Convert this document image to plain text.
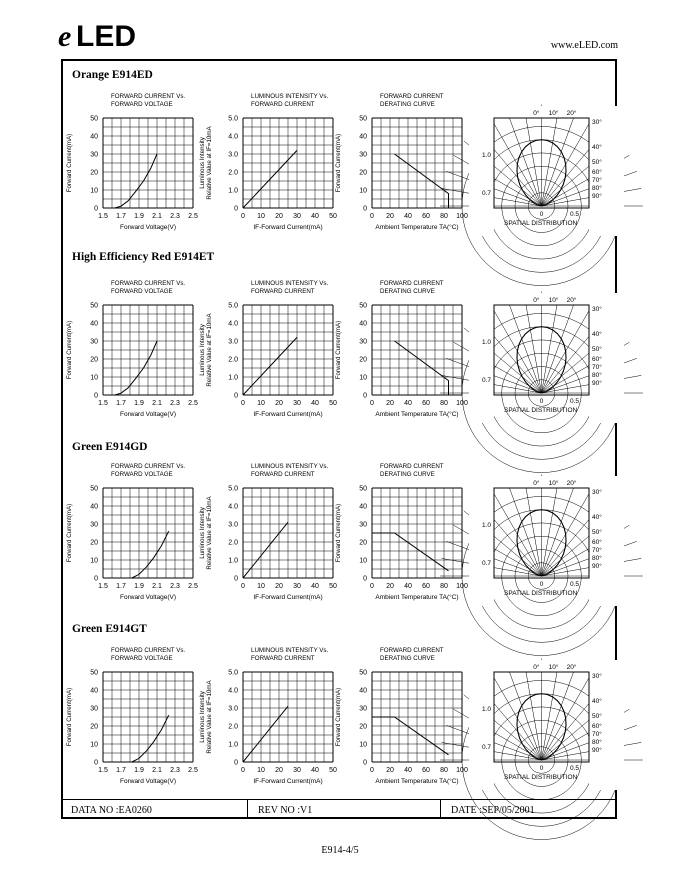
e LED	www.eLED.com
Orange E914ED
High Efficiency Red E914ET
Green E914GD
Green E914GT
FORWARD CURRENT Vs.
FORWARD VOLTAGE
1.5 1.7 1.9 2.1 2.3 2.5
0
10
20
30
40
50
Forward Voltage(V)
Forward Current(mA)
LUMINOUS INTENSITY Vs.
FORWARD CURRENT
0 10 20 30 40 50
0
1.0
2.0
3.0
4.0
5.0
IF-Forward Current(mA)
Luminous Intensity Relative Value at IF=10mA
FORWARD CURRENT
DERATING CURVE
0 20 40 60 80 100
0
10
20
30
40
50
Ambient Temperature TA(°C)
Forward Current(mA)
0° 10° 20°
30°
40°
50°
60°
70°
80°
90°
1.0
0.7
0	0.5
SPATIAL DISTRIBUTION
FORWARD CURRENT Vs.
FORWARD VOLTAGE
1.5 1.7 1.9 2.1 2.3 2.5
0
10
20
30
40
50
Forward Voltage(V)
Forward Current(mA)
LUMINOUS INTENSITY Vs.
FORWARD CURRENT
0 10 20 30 40 50
0
1.0
2.0
3.0
4.0
5.0
IF-Forward Current(mA)
Luminous Intensity Relative Value at IF=10mA
FORWARD CURRENT
DERATING CURVE
0 20 40 60 80 100
0
10
20
30
40
50
Ambient Temperature TA(°C)
Forward Current(mA)
0° 10° 20°
30°
40°
50°
60°
70°
80°
90°
1.0
0.7
0	0.5
SPATIAL DISTRIBUTION
FORWARD CURRENT Vs.
FORWARD VOLTAGE
1.5 1.7 1.9 2.1 2.3 2.5
0
10
20
30
40
50
Forward Voltage(V)
Forward Current(mA)
LUMINOUS INTENSITY Vs.
FORWARD CURRENT
0 10 20 30 40 50
0
1.0
2.0
3.0
4.0
5.0
IF-Forward Current(mA)
Luminous Intensity Relative Value at IF=10mA
FORWARD CURRENT
DERATING CURVE
0 20 40 60 80 100
0
10
20
30
40
50
Ambient Temperature TA(°C)
Forward Current(mA)
0° 10° 20°
30°
40°
50°
60°
70°
80°
90°
1.0
0.7
0	0.5
SPATIAL DISTRIBUTION
FORWARD CURRENT Vs.
FORWARD VOLTAGE
1.5 1.7 1.9 2.1 2.3 2.5
0
10
20
30
40
50
Forward Voltage(V)
Forward Current(mA)
LUMINOUS INTENSITY Vs.
FORWARD CURRENT
0 10 20 30 40 50
0
1.0
2.0
3.0
4.0
5.0
IF-Forward Current(mA)
Luminous Intensity Relative Value at IF=10mA
FORWARD CURRENT
DERATING CURVE
0 20 40 60 80 100
0
10
20
30
40
50
Ambient Temperature TA(°C)
Forward Current(mA)
0° 10° 20°
30°
40°
50°
60°
70°
80°
90°
1.0
0.7
0	0.5
SPATIAL DISTRIBUTION
DATA NO :EA0260	REV NO :V1	DATE :SEP/05/2001
E914-4/5
